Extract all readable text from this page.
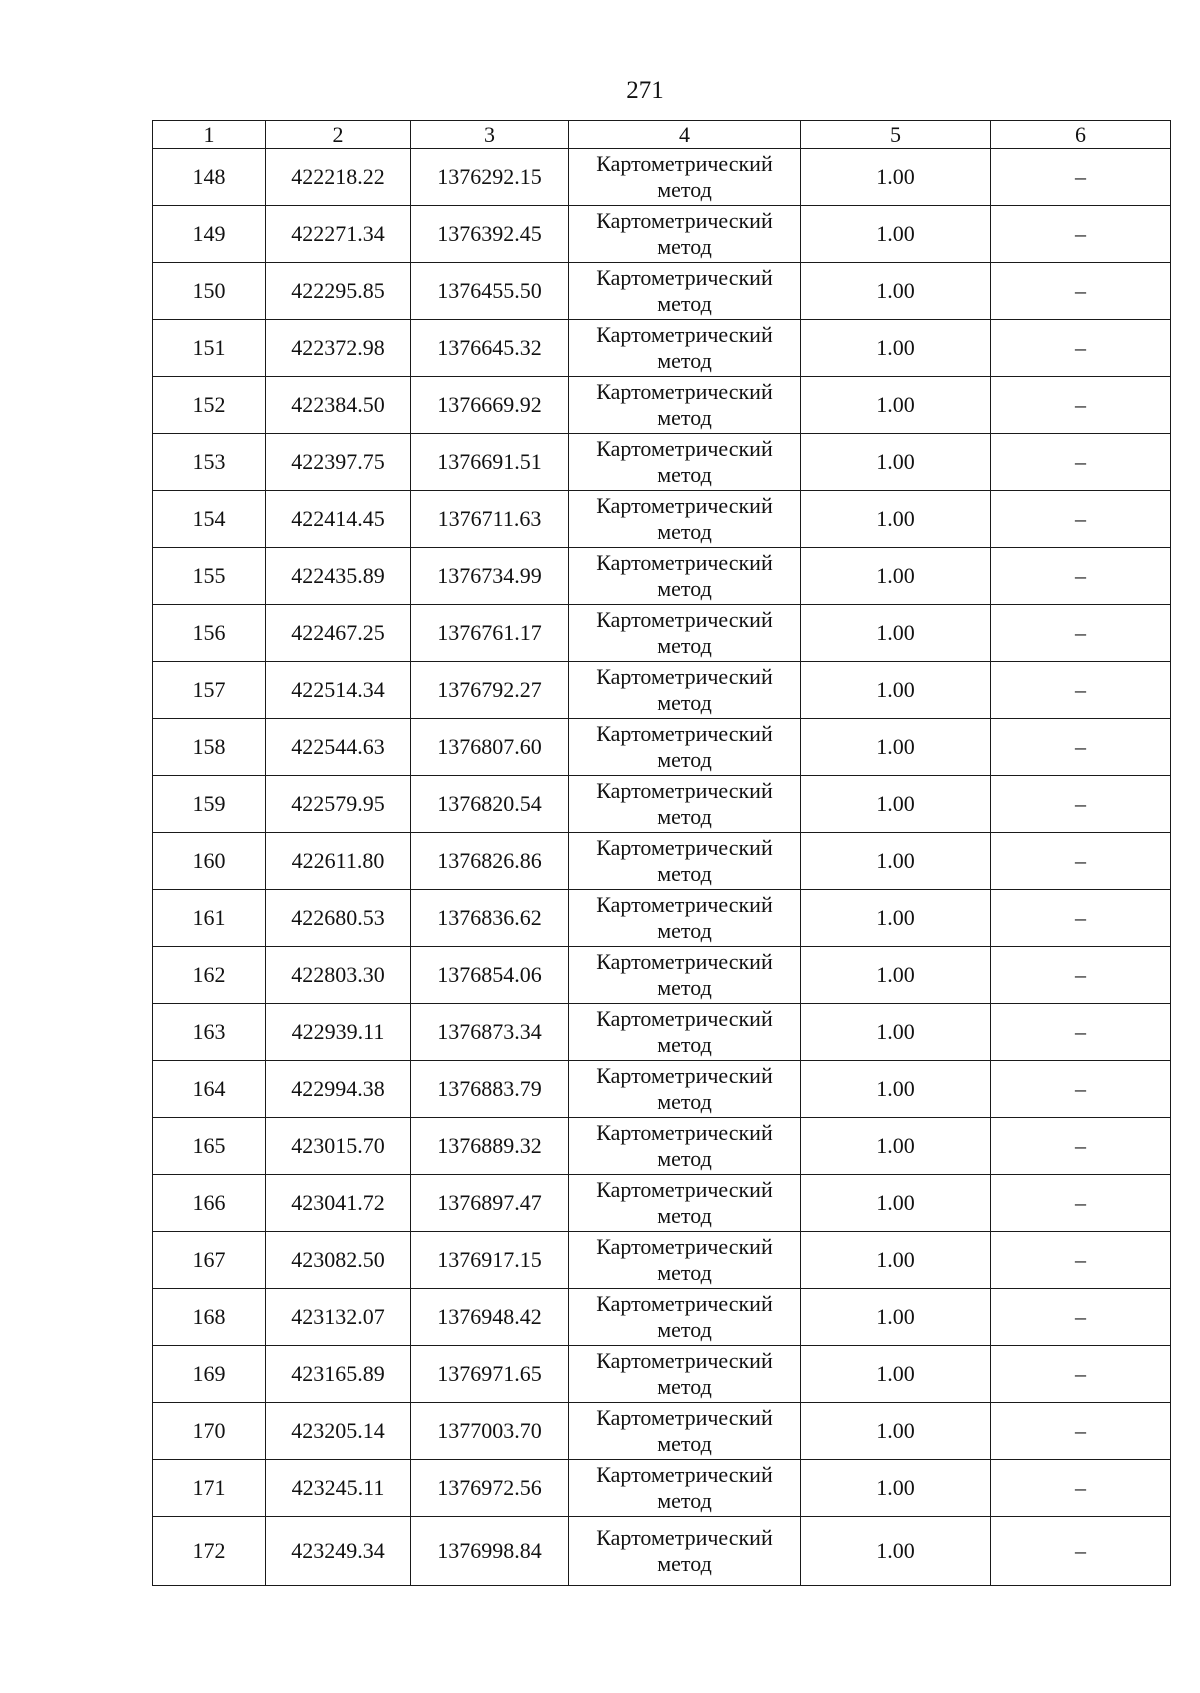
271
1	2	3	4	5	6
148	422218.22	1376292.15	Картометрический метод	1.00	–
149	422271.34	1376392.45	Картометрический метод	1.00	–
150	422295.85	1376455.50	Картометрический метод	1.00	–
151	422372.98	1376645.32	Картометрический метод	1.00	–
152	422384.50	1376669.92	Картометрический метод	1.00	–
153	422397.75	1376691.51	Картометрический метод	1.00	–
154	422414.45	1376711.63	Картометрический метод	1.00	–
155	422435.89	1376734.99	Картометрический метод	1.00	–
156	422467.25	1376761.17	Картометрический метод	1.00	–
157	422514.34	1376792.27	Картометрический метод	1.00	–
158	422544.63	1376807.60	Картометрический метод	1.00	–
159	422579.95	1376820.54	Картометрический метод	1.00	–
160	422611.80	1376826.86	Картометрический метод	1.00	–
161	422680.53	1376836.62	Картометрический метод	1.00	–
162	422803.30	1376854.06	Картометрический метод	1.00	–
163	422939.11	1376873.34	Картометрический метод	1.00	–
164	422994.38	1376883.79	Картометрический метод	1.00	–
165	423015.70	1376889.32	Картометрический метод	1.00	–
166	423041.72	1376897.47	Картометрический метод	1.00	–
167	423082.50	1376917.15	Картометрический метод	1.00	–
168	423132.07	1376948.42	Картометрический метод	1.00	–
169	423165.89	1376971.65	Картометрический метод	1.00	–
170	423205.14	1377003.70	Картометрический метод	1.00	–
171	423245.11	1376972.56	Картометрический метод	1.00	–
172	423249.34	1376998.84	Картометрический метод	1.00	–
